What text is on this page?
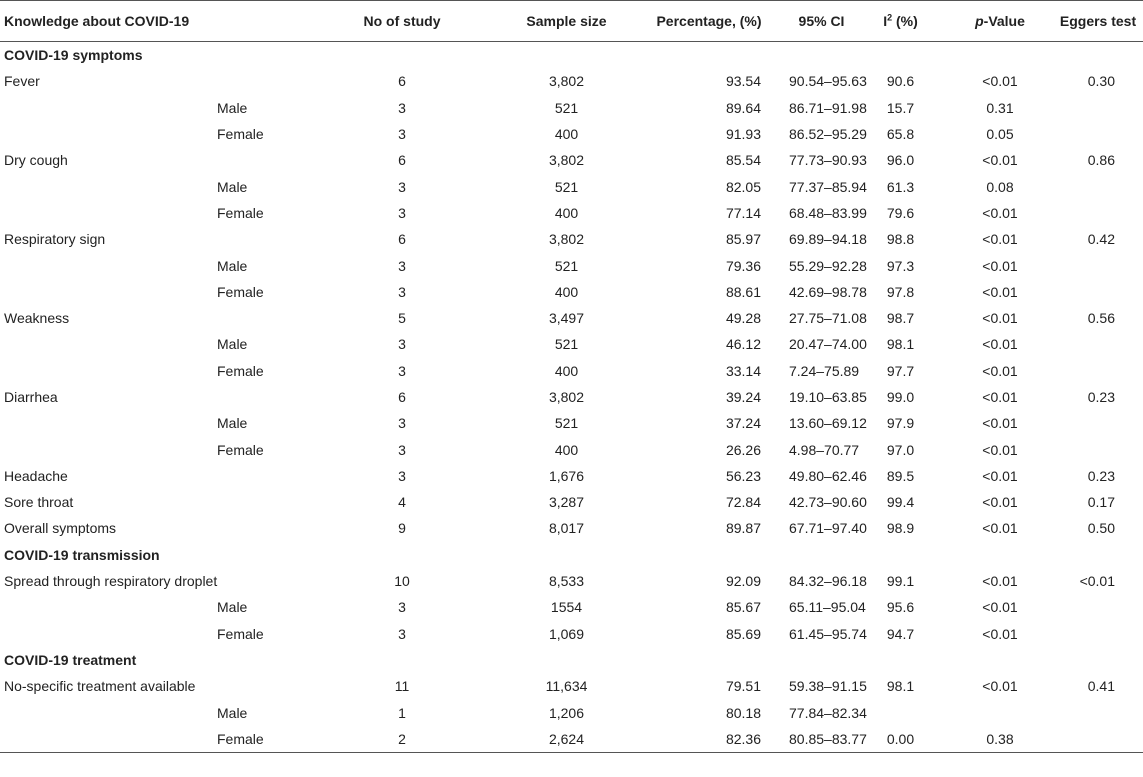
Knowledge about COVID-19		No of study	Sample size	Percentage, (%)	95% CI	$I^2$ (%)	p-Value	Eggers test
COVID-19 symptoms								
Fever		6	3,802	93.54	90.54–95.63	90.6	<0.01	0.30
	Male	3	521	89.64	86.71–91.98	15.7	0.31	
	Female	3	400	91.93	86.52–95.29	65.8	0.05	
Dry cough		6	3,802	85.54	77.73–90.93	96.0	<0.01	0.86
	Male	3	521	82.05	77.37–85.94	61.3	0.08	
	Female	3	400	77.14	68.48–83.99	79.6	<0.01	
Respiratory sign		6	3,802	85.97	69.89–94.18	98.8	<0.01	0.42
	Male	3	521	79.36	55.29–92.28	97.3	<0.01	
	Female	3	400	88.61	42.69–98.78	97.8	<0.01	
Weakness		5	3,497	49.28	27.75–71.08	98.7	<0.01	0.56
	Male	3	521	46.12	20.47–74.00	98.1	<0.01	
	Female	3	400	33.14	7.24–75.89	97.7	<0.01	
Diarrhea		6	3,802	39.24	19.10–63.85	99.0	<0.01	0.23
	Male	3	521	37.24	13.60–69.12	97.9	<0.01	
	Female	3	400	26.26	4.98–70.77	97.0	<0.01	
Headache		3	1,676	56.23	49.80–62.46	89.5	<0.01	0.23
Sore throat		4	3,287	72.84	42.73–90.60	99.4	<0.01	0.17
Overall symptoms		9	8,017	89.87	67.71–97.40	98.9	<0.01	0.50
COVID-19 transmission								
Spread through respiratory droplet		10	8,533	92.09	84.32–96.18	99.1	<0.01	<0.01
	Male	3	1554	85.67	65.11–95.04	95.6	<0.01	
	Female	3	1,069	85.69	61.45–95.74	94.7	<0.01	
COVID-19 treatment								
No-specific treatment available		11	11,634	79.51	59.38–91.15	98.1	<0.01	0.41
	Male	1	1,206	80.18	77.84–82.34			
	Female	2	2,624	82.36	80.85–83.77	0.00	0.38	
